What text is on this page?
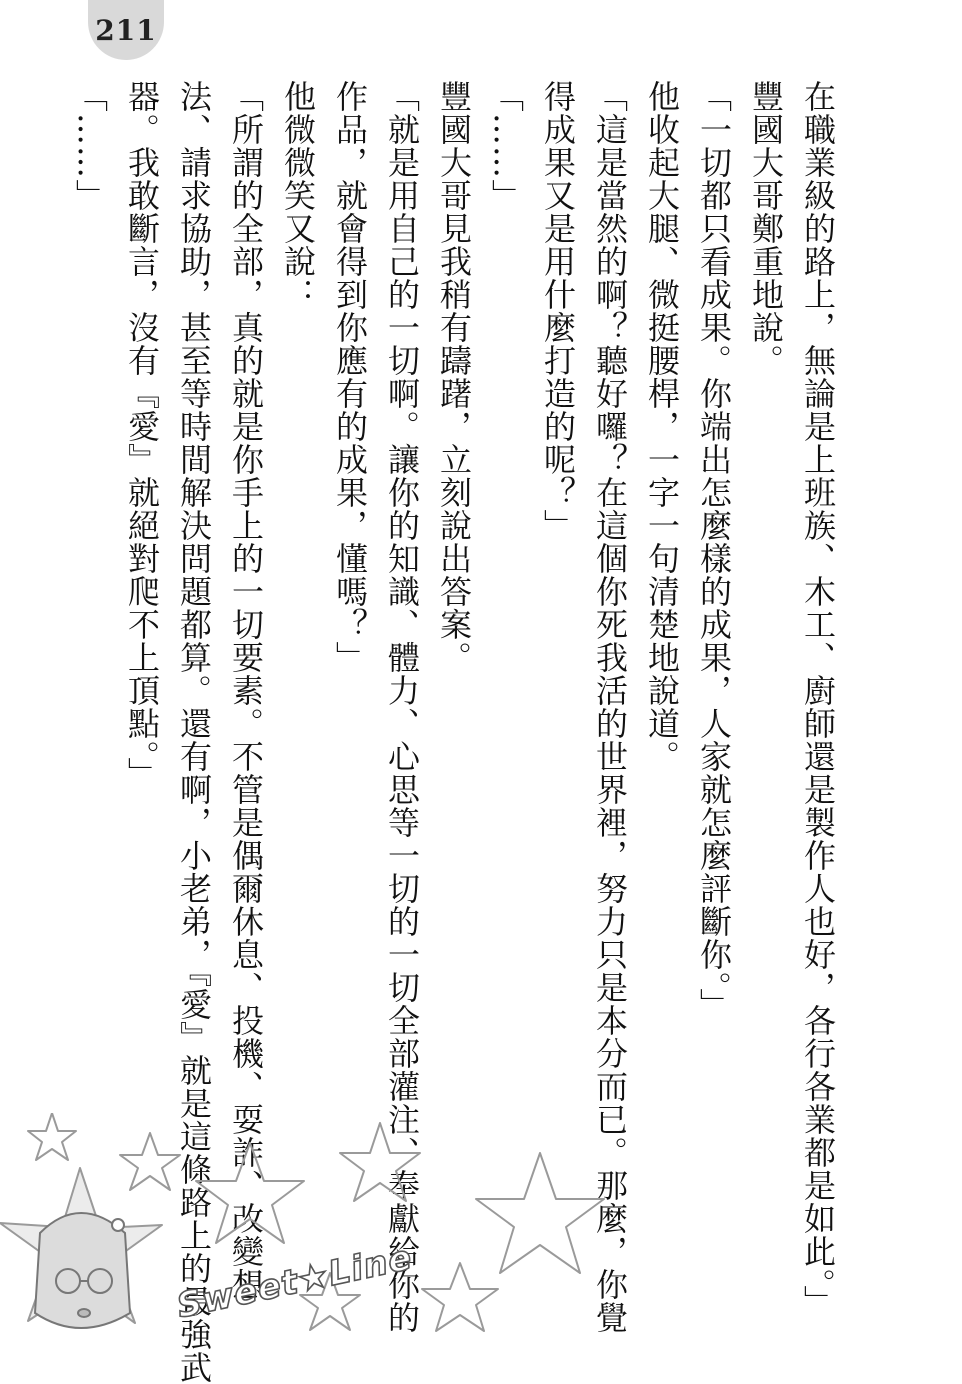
211
在職業級的路上，無論是上班族、木工、廚師還是製作人也好，各行各業都是如此。」
豐國大哥鄭重地說。
「一切都只看成果。你端出怎麼樣的成果，人家就怎麼評斷你。」
他收起大腿、微挺腰桿，一字一句清楚地說道。
「這是當然的啊？聽好囉？在這個你死我活的世界裡，努力只是本分而已。那麼，你覺
得成果又是用什麼打造的呢？」
「……」
豐國大哥見我稍有躊躇，立刻說出答案。
「就是用自己的一切啊。讓你的知識、體力、心思等一切的一切全部灌注、奉獻給你的
作品，就會得到你應有的成果，懂嗎？」
他微微笑又說：
「所謂的全部，真的就是你手上的一切要素。不管是偶爾休息、投機、耍詐、改變想
法、請求協助，甚至等時間解決問題都算。還有啊，小老弟，『愛』就是這條路上的最強武
器。我敢斷言，沒有『愛』就絕對爬不上頂點。」
「……」
Sweet★Line
